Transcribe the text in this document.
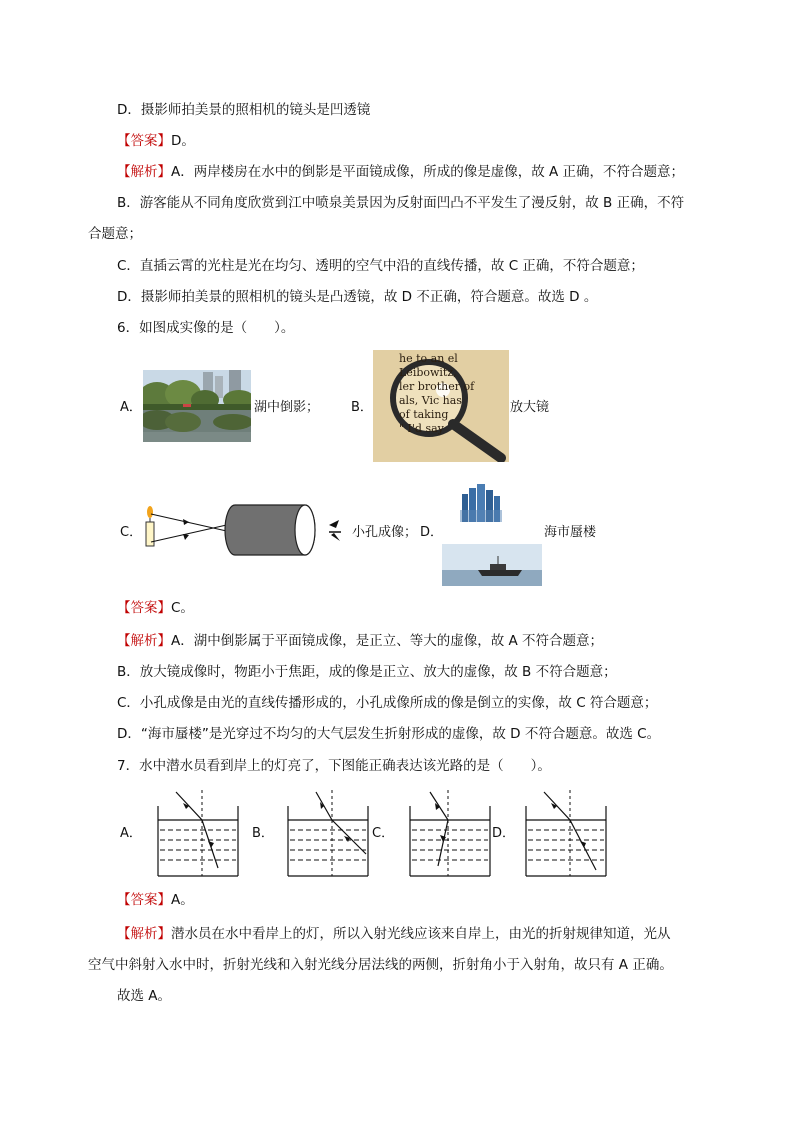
D．摄影师拍美景的照相机的镜头是凹透镜
【答案】D。
【解析】A．两岸楼房在水中的倒影是平面镜成像，所成的像是虚像，故 A 正确，不符合题意；
B．游客能从不同角度欣赏到江中喷泉美景因为反射面凹凸不平发生了漫反射，故 B 正确，不符
合题意；
C．直插云霄的光柱是光在均匀、透明的空气中沿的直线传播，故 C 正确，不符合题意；
D．摄影师拍美景的照相机的镜头是凸透镜，故 D 不正确，符合题意。故选 D 。
6．如图成实像的是（　　）。
A．	湖中倒影； B．
he to an el
Leibowitz,
ler brother of
als, Vic has
of taking
" I'd say
放大镜
C．	小孔成像； D．	海市蜃楼
【答案】C。
【解析】A．湖中倒影属于平面镜成像，是正立、等大的虚像，故 A 不符合题意；
B．放大镜成像时，物距小于焦距，成的像是正立、放大的虚像，故 B 不符合题意；
C．小孔成像是由光的直线传播形成的，小孔成像所成的像是倒立的实像，故 C 符合题意；
D．“海市蜃楼”是光穿过不均匀的大气层发生折射形成的虚像，故 D 不符合题意。故选 C。
7．水中潜水员看到岸上的灯亮了，下图能正确表达该光路的是（　　）。
A．	B．	C．	D．
【答案】A。
【解析】潜水员在水中看岸上的灯，所以入射光线应该来自岸上，由光的折射规律知道，光从
空气中斜射入水中时，折射光线和入射光线分居法线的两侧，折射角小于入射角，故只有 A 正确。
故选 A。
